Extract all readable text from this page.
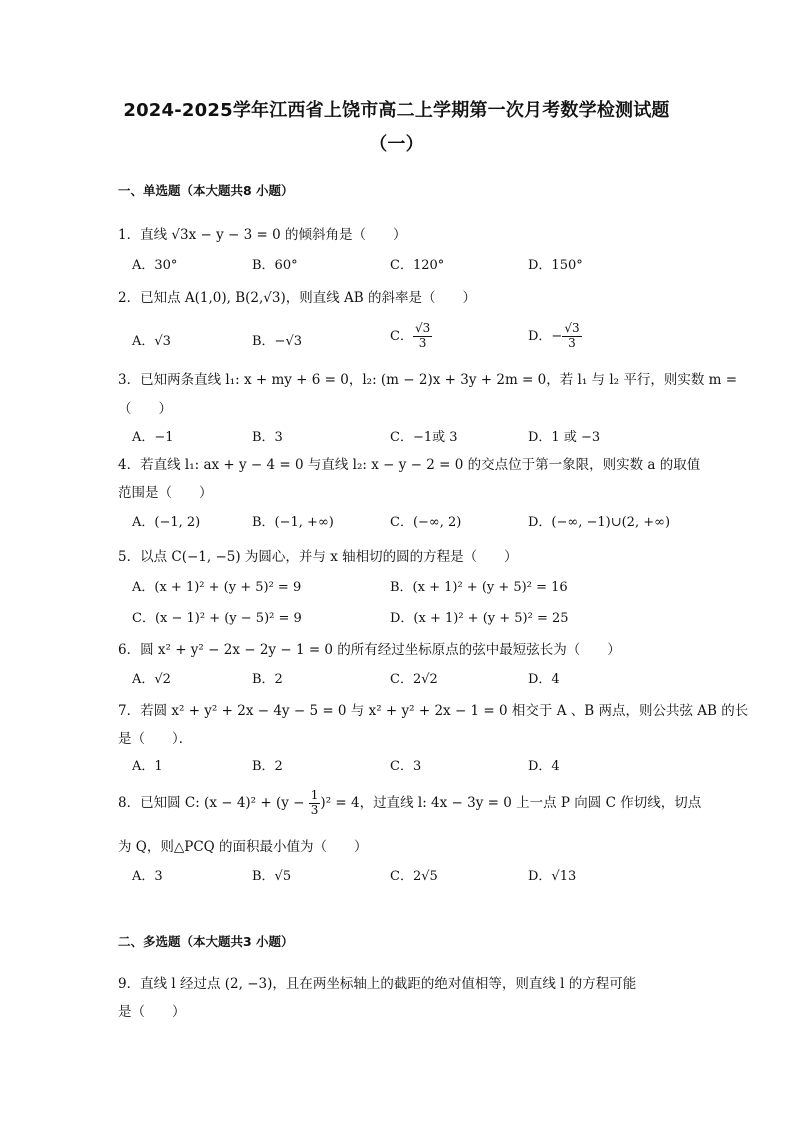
2024-2025学年江西省上饶市高二上学期第一次月考数学检测试题
（一）
一、单选题（本大题共8 小题）
1．直线 √3x − y − 3 = 0 的倾斜角是（　　）
A．30°	B．60°	C．120°	D．150°
2．已知点 A(1,0), B(2,√3)，则直线 AB 的斜率是（　　）
A．√3	B．−√3	C． $\frac{√3}{3}$	D．− $\frac{√3}{3}$
3．已知两条直线 l₁: x + my + 6 = 0，l₂: (m − 2)x + 3y + 2m = 0，若 l₁ 与 l₂ 平行，则实数 m =
（　　）
A．−1	B．3	C．−1或 3	D．1 或 −3
4．若直线 l₁: ax + y − 4 = 0 与直线 l₂: x − y − 2 = 0 的交点位于第一象限，则实数 a 的取值
范围是（　　）
A．(−1, 2)	B．(−1, +∞)	C．(−∞, 2)	D．(−∞, −1)∪(2, +∞)
5．以点 C(−1, −5) 为圆心，并与 x 轴相切的圆的方程是（　　）
A．(x + 1)² + (y + 5)² = 9	B．(x + 1)² + (y + 5)² = 16
C．(x − 1)² + (y − 5)² = 9	D．(x + 1)² + (y + 5)² = 25
6．圆 x² + y² − 2x − 2y − 1 = 0 的所有经过坐标原点的弦中最短弦长为（　　）
A．√2	B．2	C．2√2	D．4
7．若圆 x² + y² + 2x − 4y − 5 = 0 与 x² + y² + 2x − 1 = 0 相交于 A 、B 两点，则公共弦 AB 的长
是（　　）．
A．1	B．2	C．3	D．4
8．已知圆 C: $(x - 4)^2 + (y - \frac{1}{3} )^2 = 4$，过直线 l: 4x − 3y = 0 上一点 P 向圆 C 作切线，切点
为 Q，则△PCQ 的面积最小值为（　　）
A．3	B．√5	C．2√5	D．√13
二、多选题（本大题共3 小题）
9．直线 l 经过点 (2, −3)，且在两坐标轴上的截距的绝对值相等，则直线 l 的方程可能
是（　　）
